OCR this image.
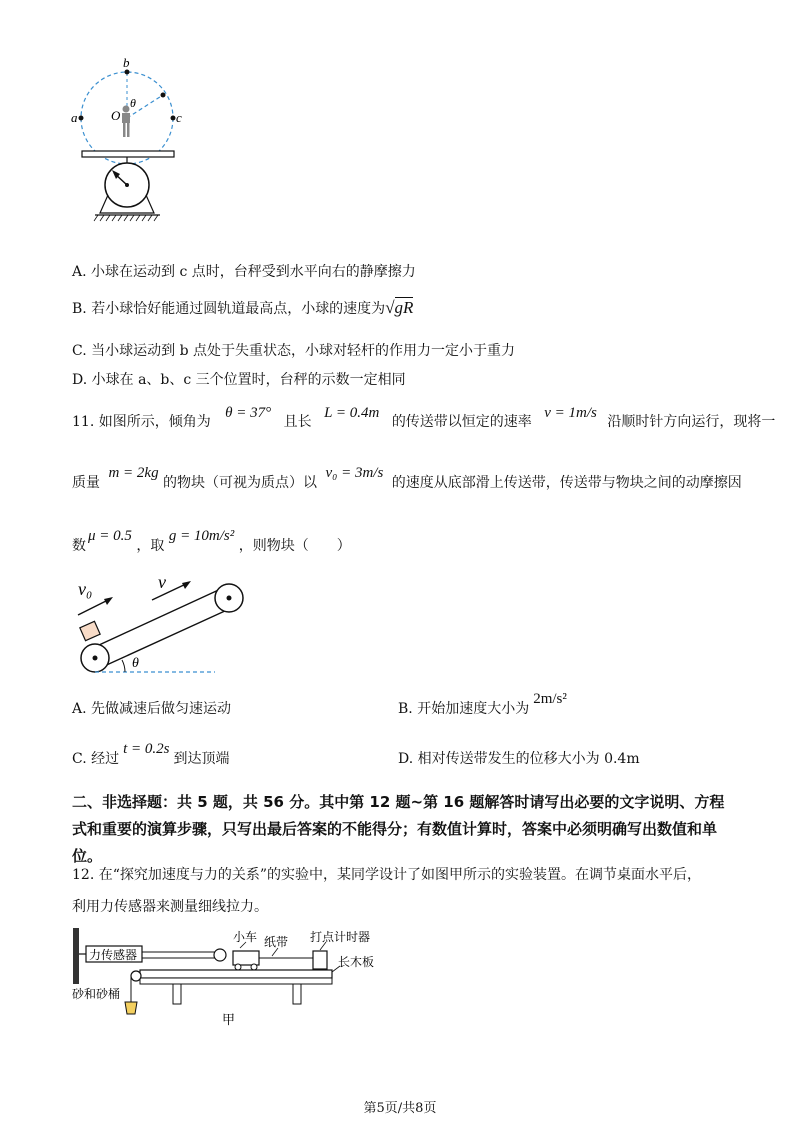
a
b
c
O
θ
A. 小球在运动到 c 点时，台秤受到水平向右的静摩擦力
B. 若小球恰好能通过圆轨道最高点，小球的速度为√gR
C. 当小球运动到 b 点处于失重状态，小球对轻杆的作用力一定小于重力
D. 小球在 a、b、c 三个位置时，台秤的示数一定相同
11. 如图所示，倾角为 θ = 37° 且长 L = 0.4m 的传送带以恒定的速率 v = 1m/s 沿顺时针方向运行，现将一
质量 m = 2kg 的物块（可视为质点）以 v₀ = 3m/s 的速度从底部滑上传送带，传送带与物块之间的动摩擦因
数μ = 0.5 ，取 g = 10m/s² ，则物块（　　）
v₀	v
θ
A. 先做减速后做匀速运动	B. 开始加速度大小为2m/s²
C. 经过t = 0.2s到达顶端	D. 相对传送带发生的位移大小为 0.4m
二、非选择题：共 5 题，共 56 分。其中第 12 题~第 16 题解答时请写出必要的文字说明、方程式和重要的演算步骤，只写出最后答案的不能得分；有数值计算时，答案中必须明确写出数值和单位。
12. 在“探究加速度与力的关系”的实验中，某同学设计了如图甲所示的实验装置。在调节桌面水平后，
利用力传感器来测量细线拉力。
力传感器
小车 纸带 打点计时器
长木板
砂和砂桶
甲
第5页/共8页
